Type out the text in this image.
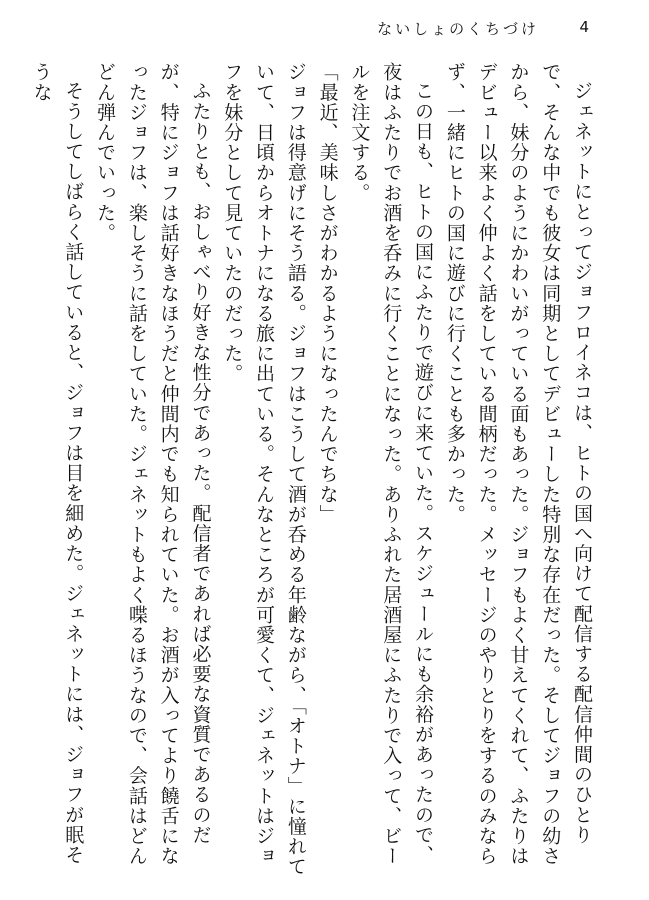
ないしょのくちづけ	4

ジェネットにとってジョフロイネコは、ヒトの国へ向けて配信する配信仲間のひとりで、そんな中でも彼女は同期としてデビューした特別な存在だった。そしてジョフの幼さから、妹分のようにかわいがっている面もあった。ジョフもよく甘えてくれて、ふたりはデビュー以来よく仲よく話をしている間柄だった。メッセージのやりとりをするのみならず、一緒にヒトの国に遊びに行くことも多かった。

この日も、ヒトの国にふたりで遊びに来ていた。スケジュールにも余裕があったので、夜はふたりでお酒を呑みに行くことになった。ありふれた居酒屋にふたりで入って、ビールを注文する。

「最近、美味しさがわかるようになったんでちな」

ジョフは得意げにそう語る。ジョフはこうして酒が呑める年齢ながら、「オトナ」に憧れていて、日頃からオトナになる旅に出ている。そんなところが可愛くて、ジェネットはジョフを妹分として見ていたのだった。

ふたりとも、おしゃべり好きな性分であった。配信者であれば必要な資質であるのだが、特にジョフは話好きなほうだと仲間内でも知られていた。お酒が入ってより饒舌になったジョフは、楽しそうに話をしていた。ジェネットもよく喋るほうなので、会話はどんどん弾んでいった。

そうしてしばらく話していると、ジョフは目を細めた。ジェネットには、ジョフが眠そうな
